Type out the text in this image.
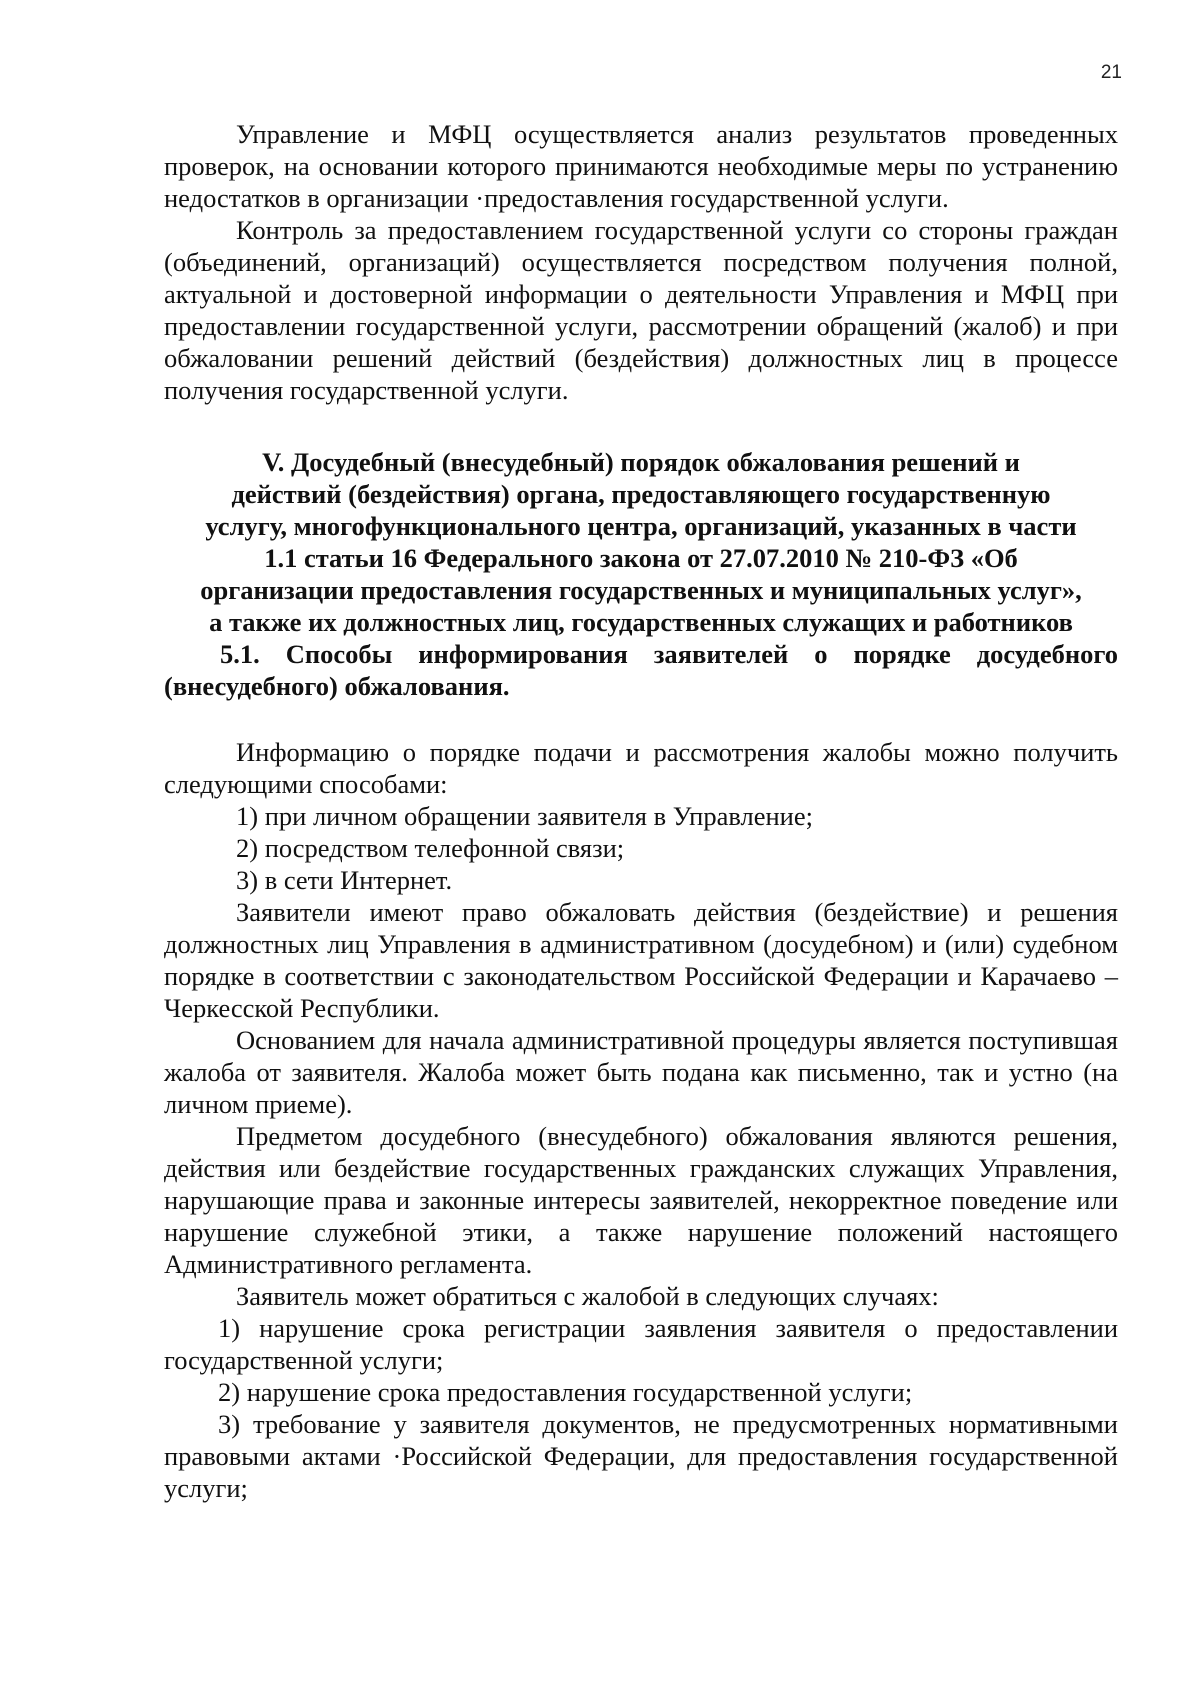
21

Управление и МФЦ осуществляется анализ результатов проведенных проверок, на основании которого принимаются необходимые меры по устранению недостатков в организации ·предоставления государственной услуги.

Контроль за предоставлением государственной услуги со стороны граждан (объединений, организаций) осуществляется посредством получения полной, актуальной и достоверной информации о деятельности Управления и МФЦ при предоставлении государственной услуги, рассмотрении обращений (жалоб) и при обжаловании решений действий (бездействия) должностных лиц в процессе получения государственной услуги.

V. Досудебный (внесудебный) порядок обжалования решений и
действий (бездействия) органа, предоставляющего государственную
услугу, многофункционального центра, организаций, указанных в части
1.1 статьи 16 Федерального закона от 27.07.2010 № 210-ФЗ «Об
организации предоставления государственных и муниципальных услуг»,
а также их должностных лиц, государственных служащих и работников

5.1. Способы информирования заявителей о порядке досудебного (внесудебного) обжалования.

Информацию о порядке подачи и рассмотрения жалобы можно получить следующими способами:

1) при личном обращении заявителя в Управление;

2) посредством телефонной связи;

3) в сети Интернет.

Заявители имеют право обжаловать действия (бездействие) и решения должностных лиц Управления в административном (досудебном) и (или) судебном порядке в соответствии с законодательством Российской Федерации и Карачаево – Черкесской Республики.

Основанием для начала административной процедуры является поступившая жалоба от заявителя. Жалоба может быть подана как письменно, так и устно (на личном приеме).

Предметом досудебного (внесудебного) обжалования являются решения, действия или бездействие государственных гражданских служащих Управления, нарушающие права и законные интересы заявителей, некорректное поведение или нарушение служебной этики, а также нарушение положений настоящего Административного регламента.

Заявитель может обратиться с жалобой в следующих случаях:

1) нарушение срока регистрации заявления заявителя о предоставлении государственной услуги;

2) нарушение срока предоставления государственной услуги;

3) требование у заявителя документов, не предусмотренных нормативными правовыми актами ·Российской Федерации, для предоставления государственной услуги;
